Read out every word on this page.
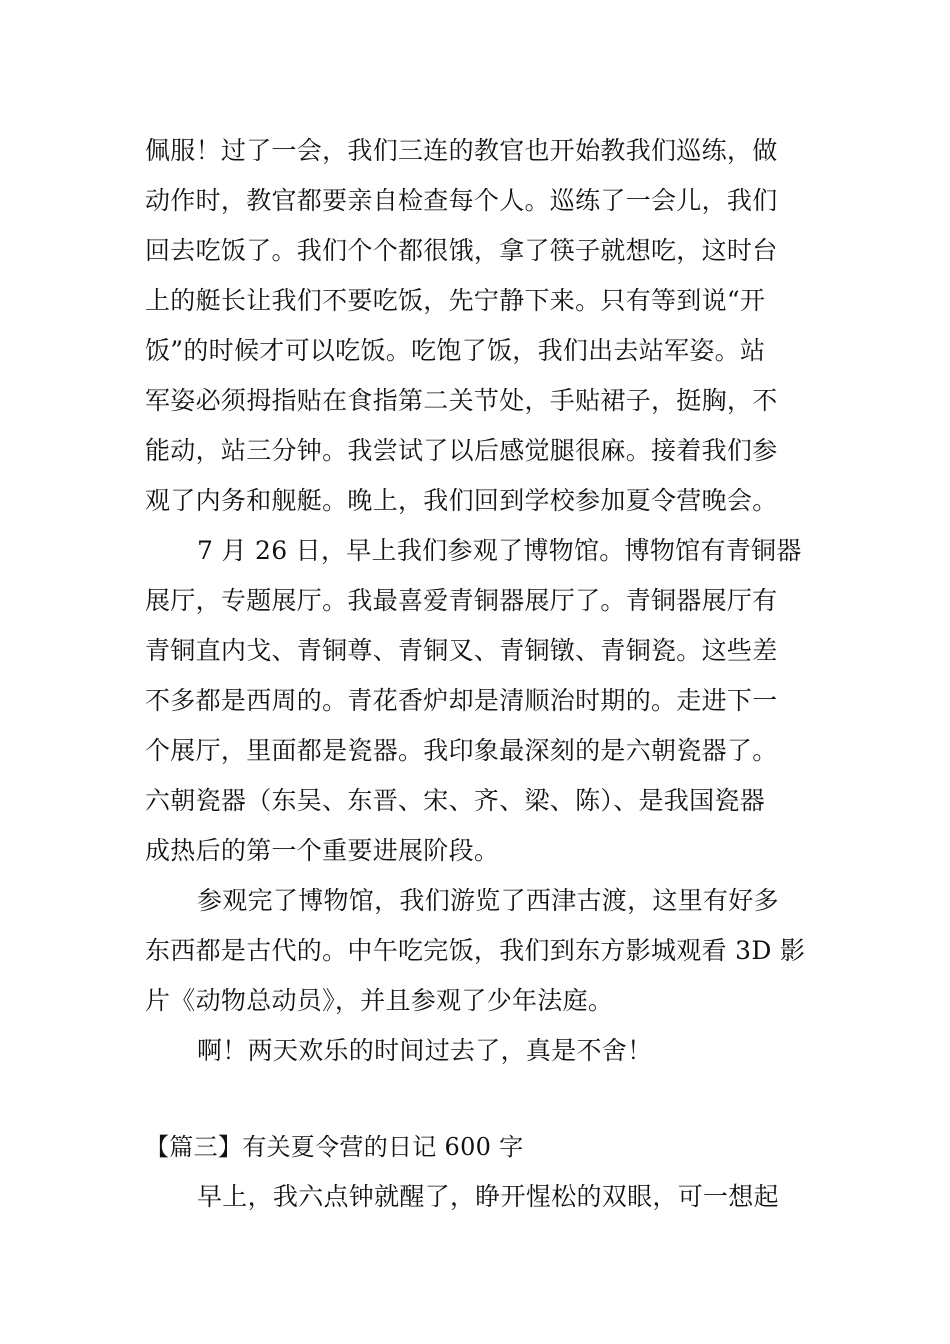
佩服！过了一会，我们三连的教官也开始教我们巡练，做
动作时，教官都要亲自检查每个人。巡练了一会儿，我们
回去吃饭了。我们个个都很饿，拿了筷子就想吃，这时台
上的艇长让我们不要吃饭，先宁静下来。只有等到说“开
饭”的时候才可以吃饭。吃饱了饭，我们出去站军姿。站
军姿必须拇指贴在食指第二关节处，手贴裙子，挺胸，不
能动，站三分钟。我尝试了以后感觉腿很麻。接着我们参
观了内务和舰艇。晚上，我们回到学校参加夏令营晚会。
7 月 26 日，早上我们参观了博物馆。博物馆有青铜器
展厅，专题展厅。我最喜爱青铜器展厅了。青铜器展厅有
青铜直内戈、青铜尊、青铜叉、青铜镦、青铜瓷。这些差
不多都是西周的。青花香炉却是清顺治时期的。走进下一
个展厅，里面都是瓷器。我印象最深刻的是六朝瓷器了。
六朝瓷器（东吴、东晋、宋、齐、梁、陈）、是我国瓷器
成热后的第一个重要进展阶段。
参观完了博物馆，我们游览了西津古渡，这里有好多
东西都是古代的。中午吃完饭，我们到东方影城观看 3D 影
片《动物总动员》，并且参观了少年法庭。
啊！两天欢乐的时间过去了，真是不舍！
【篇三】有关夏令营的日记 600 字
早上，我六点钟就醒了，睁开惺松的双眼，可一想起
